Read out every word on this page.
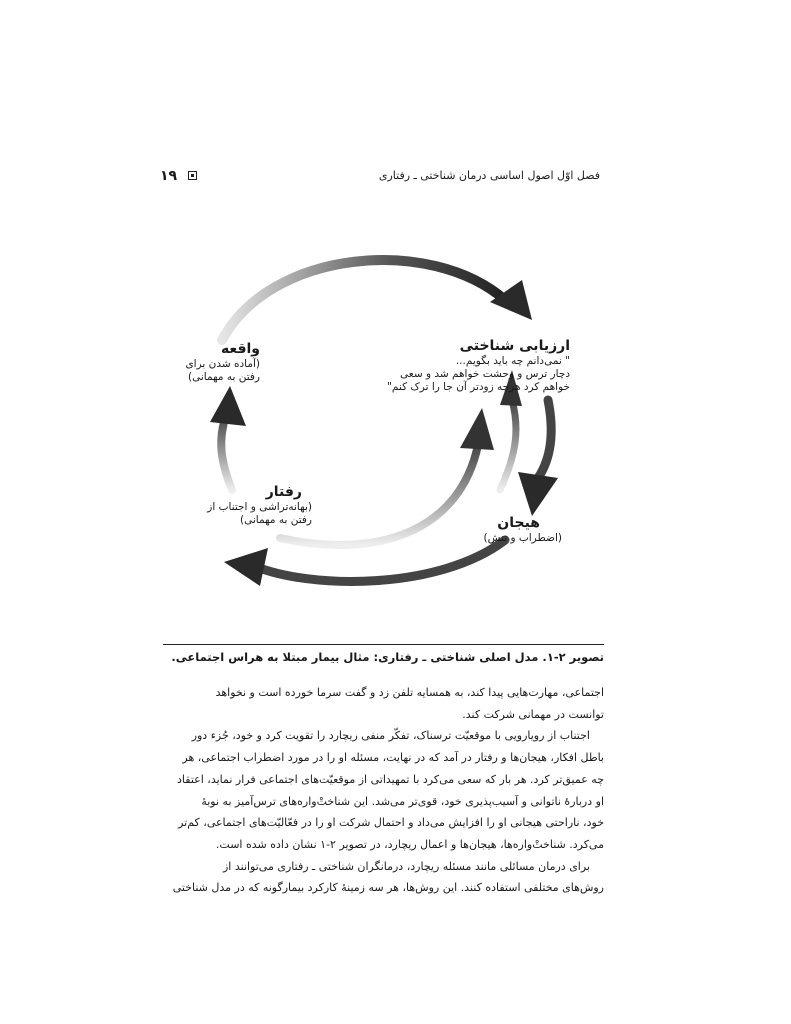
فصل اوّل اصول اساسی درمان شناختی ـ رفتاری
۱۹
واقعه
(آماده شدن برای
رفتن به مهمانی)
ارزیابی شناختی
" نمی‌دانم چه باید بگویم...
دچار ترس و وحشت خواهم شد و سعی
خواهم کرد هرچه زودتر آن جا را ترک کنم"
هیجان
(اضطراب و تنش)
رفتار
(بهانه‌تراشی و اجتناب از
رفتن به مهمانی)
تصویر ۲-۱. مدل اصلی شناختی ـ رفتاری: مثال بیمار مبتلا به هراس اجتماعی.

اجتماعی، مهارت‌هایی پیدا کند، به همسایه تلفن زد و گفت سرما خورده است و نخواهد

توانست در مهمانی شرکت کند.

اجتناب از رویارویی با موقعیّت ترسناک، تفکّر منفی ریچارد را تقویت کرد و خود، جُزء دور

باطل افکار، هیجان‌ها و رفتار در آمد که در نهایت، مسئله او را در مورد اضطراب اجتماعی، هر

چه عمیق‌تر کرد. هر بار که سعی می‌کرد با تمهیداتی از موقعیّت‌های اجتماعی فرار نماید، اعتقاد

او دربارهٔ ناتوانی و آسیب‌پذیری خود، قوی‌تر می‌شد. این شناختْ‌واره‌های ترس‌آمیز به نوبهٔ

خود، ناراحتی هیجانی او را افزایش می‌داد و احتمال شرکت او را در فعّالیّت‌های اجتماعی، کم‌تر

می‌کرد. شناختْ‌واره‌ها، هیجان‌ها و اعمال ریچارد، در تصویر ۲-۱ نشان داده شده است.

برای درمان مسائلی مانند مسئله ریچارد، درمانگران شناختی ـ رفتاری می‌توانند از

روش‌های مختلفی استفاده کنند. این روش‌ها، هر سه زمینهٔ کارکرد بیمارگونه که در مدل شناختی
